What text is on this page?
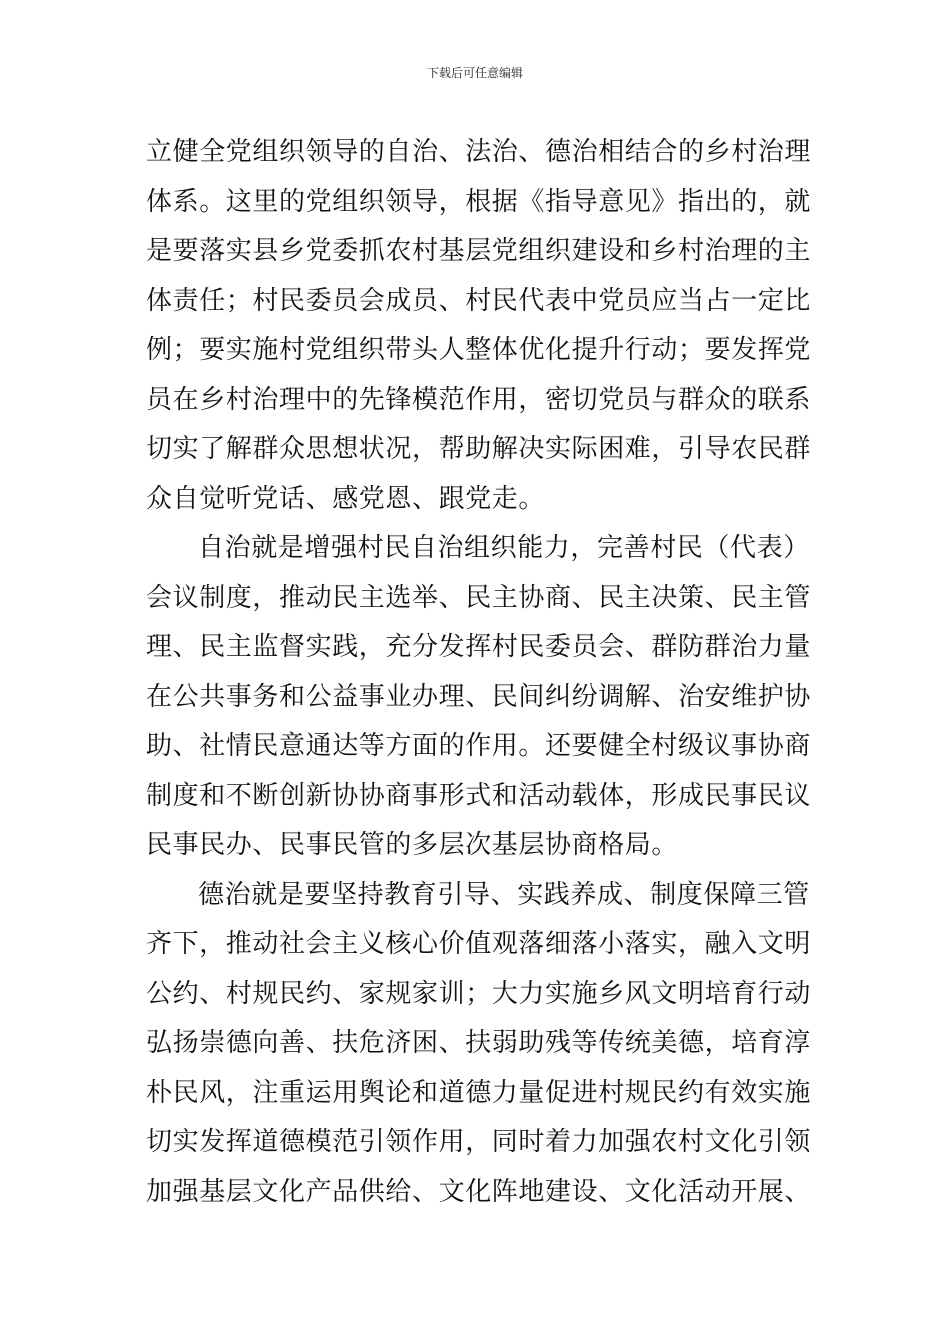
下载后可任意编辑
立健全党组织领导的自治、法治、德治相结合的乡村治理
体系。这里的党组织领导，根据《指导意见》指出的，就
是要落实县乡党委抓农村基层党组织建设和乡村治理的主
体责任；村民委员会成员、村民代表中党员应当占一定比
例；要实施村党组织带头人整体优化提升行动；要发挥党
员在乡村治理中的先锋模范作用，密切党员与群众的联系
切实了解群众思想状况，帮助解决实际困难，引导农民群
众自觉听党话、感党恩、跟党走。
自治就是增强村民自治组织能力，完善村民（代表）
会议制度，推动民主选举、民主协商、民主决策、民主管
理、民主监督实践，充分发挥村民委员会、群防群治力量
在公共事务和公益事业办理、民间纠纷调解、治安维护协
助、社情民意通达等方面的作用。还要健全村级议事协商
制度和不断创新协协商事形式和活动载体，形成民事民议
民事民办、民事民管的多层次基层协商格局。
德治就是要坚持教育引导、实践养成、制度保障三管
齐下，推动社会主义核心价值观落细落小落实，融入文明
公约、村规民约、家规家训；大力实施乡风文明培育行动
弘扬崇德向善、扶危济困、扶弱助残等传统美德，培育淳
朴民风，注重运用舆论和道德力量促进村规民约有效实施
切实发挥道德模范引领作用，同时着力加强农村文化引领
加强基层文化产品供给、文化阵地建设、文化活动开展、
